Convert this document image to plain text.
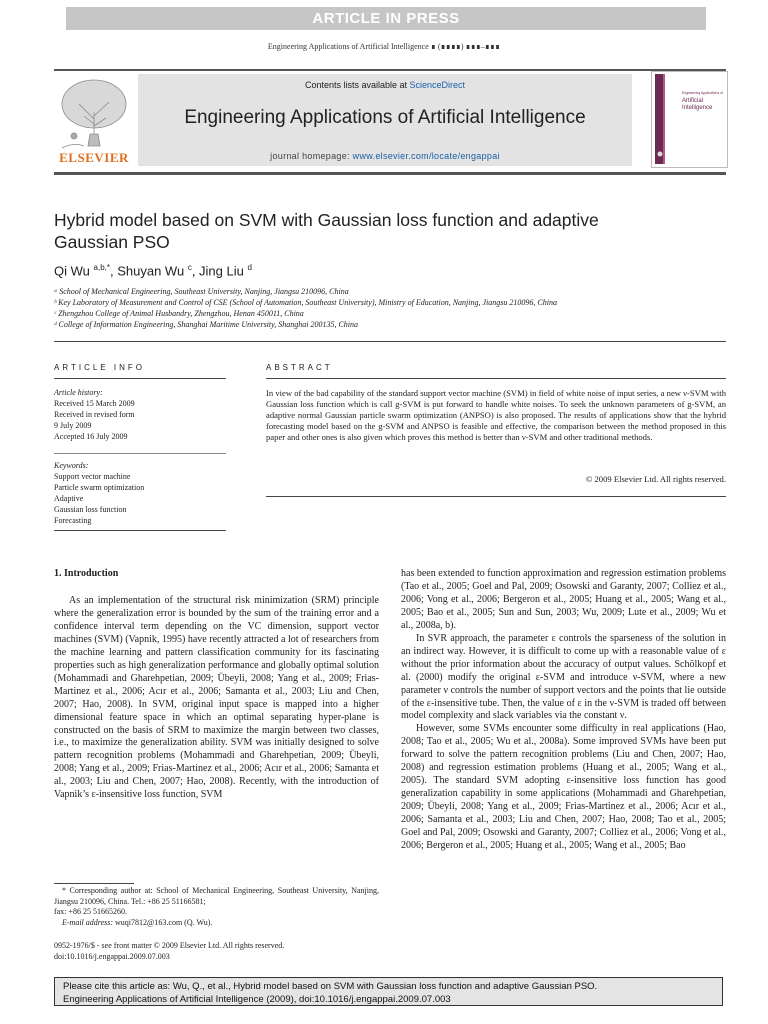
ARTICLE IN PRESS
Engineering Applications of Artificial Intelligence ∎ (∎∎∎∎) ∎∎∎–∎∎∎
ELSEVIER
Contents lists available at ScienceDirect
Engineering Applications of Artificial Intelligence
journal homepage: www.elsevier.com/locate/engappai
Engineering Applications of
Artificial
Intelligence
Hybrid model based on SVM with Gaussian loss function and adaptive
Gaussian PSO
Qi Wu $^{a,b,*}$, Shuyan Wu $^c$, Jing Liu $^d$
ᵃ School of Mechanical Engineering, Southeast University, Nanjing, Jiangsu 210096, China
ᵇ Key Laboratory of Measurement and Control of CSE (School of Automation, Southeast University), Ministry of Education, Nanjing, Jiangsu 210096, China
ᶜ Zhengzhou College of Animal Husbandry, Zhengzhou, Henan 450011, China
ᵈ College of Information Engineering, Shanghai Maritime University, Shanghai 200135, China
ARTICLE INFO	ABSTRACT
Article history:
Received 15 March 2009
Received in revised form
9 July 2009
Accepted 16 July 2009
Keywords:
Support vector machine
Particle swarm optimization
Adaptive
Gaussian loss function
Forecasting
In view of the bad capability of the standard support vector machine (SVM) in field of white noise of input series, a new ν-SVM with Gaussian loss function which is call g-SVM is put forward to handle white noises. To seek the unknown parameters of g-SVM, an adaptive normal Gaussian particle swarm optimization (ANPSO) is also proposed. The results of applications show that the hybrid forecasting model based on the g-SVM and ANPSO is feasible and effective, the comparison between the method proposed in this paper and other ones is also given which proves this method is better than ν-SVM and other traditional methods.
© 2009 Elsevier Ltd. All rights reserved.
1. Introduction

As an implementation of the structural risk minimization (SRM) principle where the generalization error is bounded by the sum of the training error and a confidence interval term depending on the VC dimension, support vector machines (SVM) (Vapnik, 1995) have recently attracted a lot of researchers from the machine learning and pattern classification community for its fascinating properties such as high generalization performance and globally optimal solution (Mohammadi and Gharehpetian, 2009; Übeyli, 2008; Yang et al., 2009; Frias-Martinez et al., 2006; Acır et al., 2006; Samanta et al., 2003; Liu and Chen, 2007; Hao, 2008). In SVM, original input space is mapped into a higher dimensional feature space in which an optimal separating hyper-plane is constructed on the basis of SRM to maximize the margin between two classes, i.e., to maximize the generalization ability. SVM was initially designed to solve pattern recognition problems (Mohammadi and Gharehpetian, 2009; Übeyli, 2008; Yang et al., 2009; Frias-Martinez et al., 2006; Acır et al., 2006; Samanta et al., 2003; Liu and Chen, 2007; Hao, 2008). Recently, with the introduction of Vapnik’s ε-insensitive loss function, SVM

has been extended to function approximation and regression estimation problems (Tao et al., 2005; Goel and Pal, 2009; Osowski and Garanty, 2007; Colliez et al., 2006; Vong et al., 2006; Bergeron et al., 2005; Huang et al., 2005; Wang et al., 2005; Bao et al., 2005; Sun and Sun, 2003; Wu, 2009; Lute et al., 2009; Wu et al., 2008a, b).

In SVR approach, the parameter ε controls the sparseness of the solution in an indirect way. However, it is difficult to come up with a reasonable value of ε without the prior information about the accuracy of output values. Schölkopf et al. (2000) modify the original ε-SVM and introduce ν-SVM, where a new parameter ν controls the number of support vectors and the points that lie outside of the ε-insensitive tube. Then, the value of ε in the ν-SVM is traded off between model complexity and slack variables via the constant ν.

However, some SVMs encounter some difficulty in real applications (Hao, 2008; Tao et al., 2005; Wu et al., 2008a). Some improved SVMs have been put forward to solve the pattern recognition problems (Liu and Chen, 2007; Hao, 2008) and regression estimation problems (Huang et al., 2005; Wang et al., 2005). The standard SVM adopting ε-insensitive loss function has good generalization capability in some applications (Mohammadi and Gharehpetian, 2009; Übeyli, 2008; Yang et al., 2009; Frias-Martinez et al., 2006; Acır et al., 2006; Samanta et al., 2003; Liu and Chen, 2007; Hao, 2008; Tao et al., 2005; Goel and Pal, 2009; Osowski and Garanty, 2007; Colliez et al., 2006; Vong et al., 2006; Bergeron et al., 2005; Huang et al., 2005; Wang et al., 2005; Bao

* Corresponding author at: School of Mechanical Engineering, Southeast University, Nanjing, Jiangsu 210096, China. Tel.: +86 25 51166581;
fax: +86 25 51665260.
E-mail address: wuqi7812@163.com (Q. Wu).
0952-1976/$ - see front matter © 2009 Elsevier Ltd. All rights reserved.
doi:10.1016/j.engappai.2009.07.003
Please cite this article as: Wu, Q., et al., Hybrid model based on SVM with Gaussian loss function and adaptive Gaussian PSO.
Engineering Applications of Artificial Intelligence (2009), doi:10.1016/j.engappai.2009.07.003
